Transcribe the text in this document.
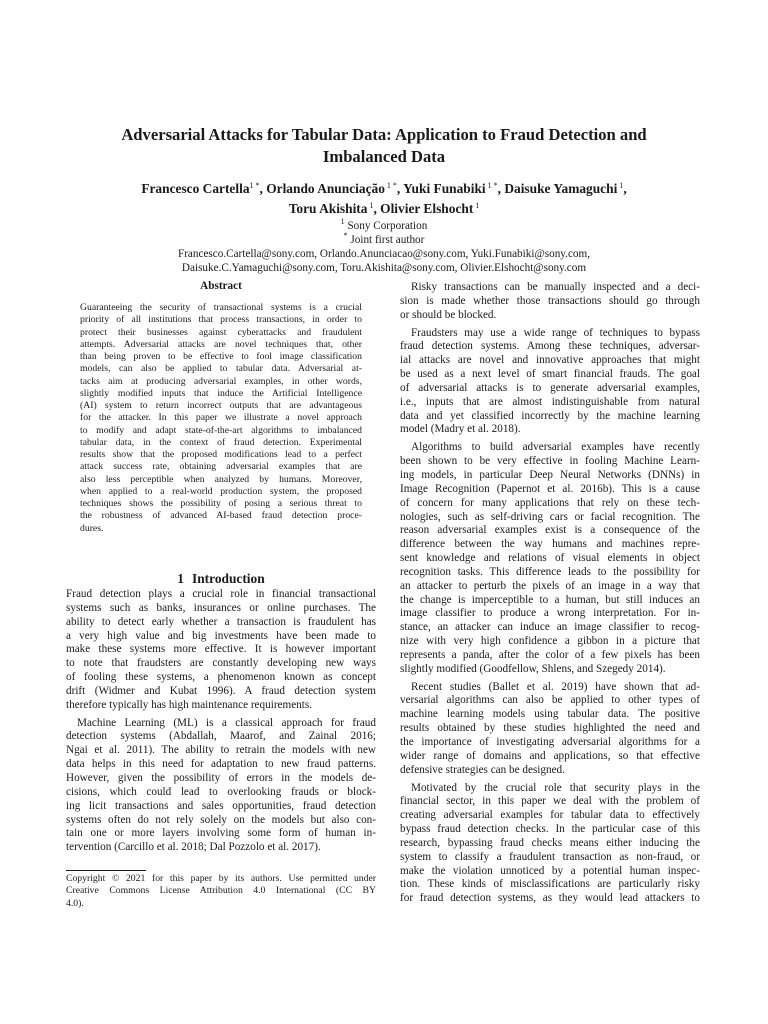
Adversarial Attacks for Tabular Data: Application to Fraud Detection and
Imbalanced Data
Francesco Cartella$^{1 *}$, Orlando Anunciação $^{1 *}$, Yuki Funabiki $^{1 *}$, Daisuke Yamaguchi $^1$,
Toru Akishita $^1$, Olivier Elshocht $^1$
$^1$ Sony Corporation
* Joint first author
Francesco.Cartella@sony.com, Orlando.Anunciacao@sony.com, Yuki.Funabiki@sony.com,
Daisuke.C.Yamaguchi@sony.com, Toru.Akishita@sony.com, Olivier.Elshocht@sony.com
Abstract
Guaranteeing the security of transactional systems is a crucial
priority of all institutions that process transactions, in order to
protect their businesses against cyberattacks and fraudulent
attempts. Adversarial attacks are novel techniques that, other
than being proven to be effective to fool image classification
models, can also be applied to tabular data. Adversarial at-
tacks aim at producing adversarial examples, in other words,
slightly modified inputs that induce the Artificial Intelligence
(AI) system to return incorrect outputs that are advantageous
for the attacker. In this paper we illustrate a novel approach
to modify and adapt state-of-the-art algorithms to imbalanced
tabular data, in the context of fraud detection. Experimental
results show that the proposed modifications lead to a perfect
attack success rate, obtaining adversarial examples that are
also less perceptible when analyzed by humans. Moreover,
when applied to a real-world production system, the proposed
techniques shows the possibility of posing a serious threat to
the robustness of advanced AI-based fraud detection proce-
dures.
1 Introduction
Fraud detection plays a crucial role in financial transactional
systems such as banks, insurances or online purchases. The
ability to detect early whether a transaction is fraudulent has
a very high value and big investments have been made to
make these systems more effective. It is however important
to note that fraudsters are constantly developing new ways
of fooling these systems, a phenomenon known as concept
drift (Widmer and Kubat 1996). A fraud detection system
therefore typically has high maintenance requirements.
Machine Learning (ML) is a classical approach for fraud
detection systems (Abdallah, Maarof, and Zainal 2016;
Ngai et al. 2011). The ability to retrain the models with new
data helps in this need for adaptation to new fraud patterns.
However, given the possibility of errors in the models de-
cisions, which could lead to overlooking frauds or block-
ing licit transactions and sales opportunities, fraud detection
systems often do not rely solely on the models but also con-
tain one or more layers involving some form of human in-
tervention (Carcillo et al. 2018; Dal Pozzolo et al. 2017).
Copyright © 2021 for this paper by its authors. Use permitted under
Creative Commons License Attribution 4.0 International (CC BY
4.0).
Risky transactions can be manually inspected and a deci-
sion is made whether those transactions should go through
or should be blocked.
Fraudsters may use a wide range of techniques to bypass
fraud detection systems. Among these techniques, adversar-
ial attacks are novel and innovative approaches that might
be used as a next level of smart financial frauds. The goal
of adversarial attacks is to generate adversarial examples,
i.e., inputs that are almost indistinguishable from natural
data and yet classified incorrectly by the machine learning
model (Madry et al. 2018).
Algorithms to build adversarial examples have recently
been shown to be very effective in fooling Machine Learn-
ing models, in particular Deep Neural Networks (DNNs) in
Image Recognition (Papernot et al. 2016b). This is a cause
of concern for many applications that rely on these tech-
nologies, such as self-driving cars or facial recognition. The
reason adversarial examples exist is a consequence of the
difference between the way humans and machines repre-
sent knowledge and relations of visual elements in object
recognition tasks. This difference leads to the possibility for
an attacker to perturb the pixels of an image in a way that
the change is imperceptible to a human, but still induces an
image classifier to produce a wrong interpretation. For in-
stance, an attacker can induce an image classifier to recog-
nize with very high confidence a gibbon in a picture that
represents a panda, after the color of a few pixels has been
slightly modified (Goodfellow, Shlens, and Szegedy 2014).
Recent studies (Ballet et al. 2019) have shown that ad-
versarial algorithms can also be applied to other types of
machine learning models using tabular data. The positive
results obtained by these studies highlighted the need and
the importance of investigating adversarial algorithms for a
wider range of domains and applications, so that effective
defensive strategies can be designed.
Motivated by the crucial role that security plays in the
financial sector, in this paper we deal with the problem of
creating adversarial examples for tabular data to effectively
bypass fraud detection checks. In the particular case of this
research, bypassing fraud checks means either inducing the
system to classify a fraudulent transaction as non-fraud, or
make the violation unnoticed by a potential human inspec-
tion. These kinds of misclassifications are particularly risky
for fraud detection systems, as they would lead attackers to
